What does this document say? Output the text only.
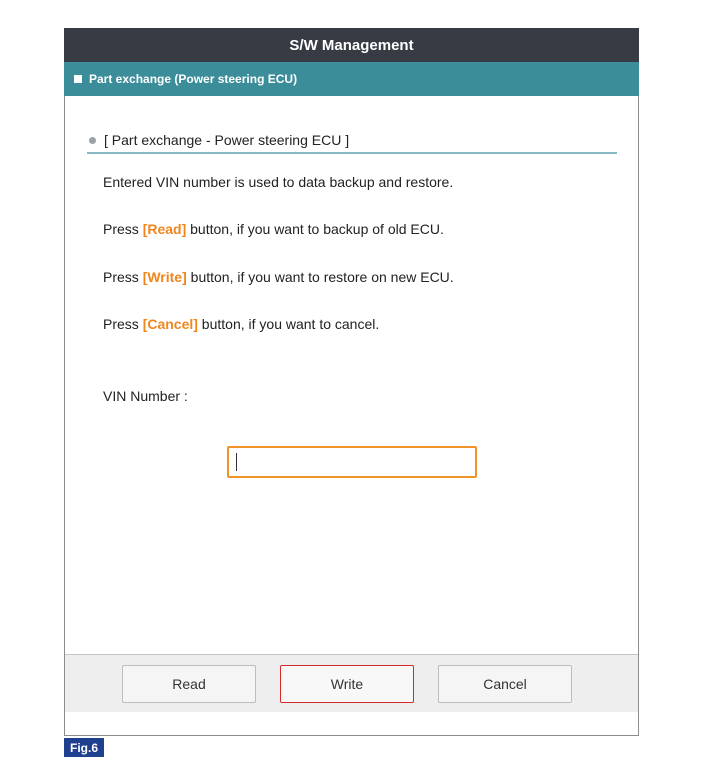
S/W Management
Part exchange (Power steering ECU)
[ Part exchange - Power steering ECU ]
Entered VIN number is used to data backup and restore.
Press [Read] button, if you want to backup of old ECU.
Press [Write] button, if you want to restore on new ECU.
Press [Cancel] button, if you want to cancel.
VIN Number :
Read	Write	Cancel
Fig.6
